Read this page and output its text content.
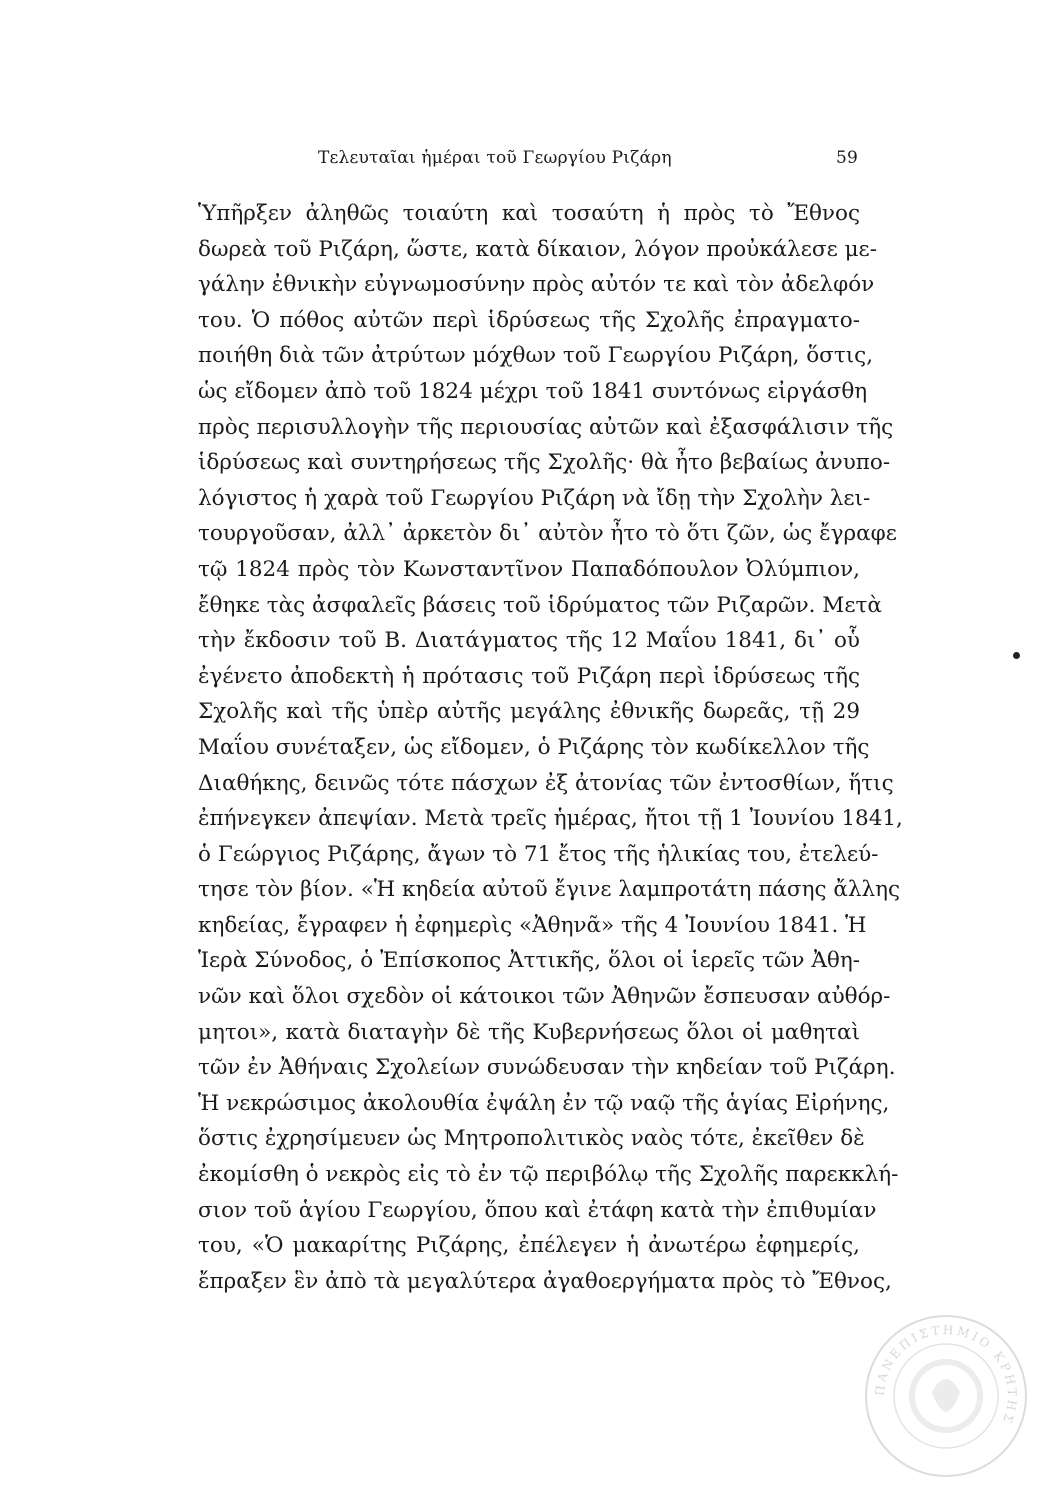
Τελευταῖαι ἡμέραι τοῦ Γεωργίου Ριζάρη	59
Ὑπῆρξεν ἀληθῶς τοιαύτη καὶ τοσαύτη ἡ πρὸς τὸ Ἔθνος
δωρεὰ τοῦ Ριζάρη, ὥστε, κατὰ δίκαιον, λόγον προὐκάλεσε με-
γάλην ἐθνικὴν εὐγνωμοσύνην πρὸς αὐτόν τε καὶ τὸν ἀδελφόν
του. Ὁ πόθος αὐτῶν περὶ ἱδρύσεως τῆς Σχολῆς ἐπραγματο-
ποιήθη διὰ τῶν ἀτρύτων μόχθων τοῦ Γεωργίου Ριζάρη, ὅστις,
ὡς εἴδομεν ἀπὸ τοῦ 1824 μέχρι τοῦ 1841 συντόνως εἰργάσθη
πρὸς περισυλλογὴν τῆς περιουσίας αὐτῶν καὶ ἐξασφάλισιν τῆς
ἱδρύσεως καὶ συντηρήσεως τῆς Σχολῆς· θὰ ἦτο βεβαίως ἀνυπο-
λόγιστος ἡ χαρὰ τοῦ Γεωργίου Ριζάρη νὰ ἴδῃ τὴν Σχολὴν λει-
τουργοῦσαν, ἀλλ᾽ ἀρκετὸν δι᾽ αὐτὸν ἦτο τὸ ὅτι ζῶν, ὡς ἔγραφε
τῷ 1824 πρὸς τὸν Κωνσταντῖνον Παπαδόπουλον Ὀλύμπιον,
ἔθηκε τὰς ἀσφαλεῖς βάσεις τοῦ ἱδρύματος τῶν Ριζαρῶν. Μετὰ
τὴν ἔκδοσιν τοῦ Β. Διατάγματος τῆς 12 Μαΐου 1841, δι᾽ οὗ
ἐγένετο ἀποδεκτὴ ἡ πρότασις τοῦ Ριζάρη περὶ ἱδρύσεως τῆς
Σχολῆς καὶ τῆς ὑπὲρ αὐτῆς μεγάλης ἐθνικῆς δωρεᾶς, τῇ 29
Μαΐου συνέταξεν, ὡς εἴδομεν, ὁ Ριζάρης τὸν κωδίκελλον τῆς
Διαθήκης, δεινῶς τότε πάσχων ἐξ ἀτονίας τῶν ἐντοσθίων, ἥτις
ἐπήνεγκεν ἀπεψίαν. Μετὰ τρεῖς ἡμέρας, ἤτοι τῇ 1 Ἰουνίου 1841,
ὁ Γεώργιος Ριζάρης, ἄγων τὸ 71 ἔτος τῆς ἡλικίας του, ἐτελεύ-
τησε τὸν βίον. «Ἡ κηδεία αὐτοῦ ἔγινε λαμπροτάτη πάσης ἄλλης
κηδείας, ἔγραφεν ἡ ἐφημερὶς «Ἀθηνᾶ» τῆς 4 Ἰουνίου 1841. Ἡ
Ἱερὰ Σύνοδος, ὁ Ἐπίσκοπος Ἀττικῆς, ὅλοι οἱ ἱερεῖς τῶν Ἀθη-
νῶν καὶ ὅλοι σχεδὸν οἱ κάτοικοι τῶν Ἀθηνῶν ἔσπευσαν αὐθόρ-
μητοι», κατὰ διαταγὴν δὲ τῆς Κυβερνήσεως ὅλοι οἱ μαθηταὶ
τῶν ἐν Ἀθήναις Σχολείων συνώδευσαν τὴν κηδείαν τοῦ Ριζάρη.
Ἡ νεκρώσιμος ἀκολουθία ἐψάλη ἐν τῷ ναῷ τῆς ἁγίας Εἰρήνης,
ὅστις ἐχρησίμευεν ὡς Μητροπολιτικὸς ναὸς τότε, ἐκεῖθεν δὲ
ἐκομίσθη ὁ νεκρὸς εἰς τὸ ἐν τῷ περιβόλῳ τῆς Σχολῆς παρεκκλή-
σιον τοῦ ἁγίου Γεωργίου, ὅπου καὶ ἐτάφη κατὰ τὴν ἐπιθυμίαν
του, «Ὁ μακαρίτης Ριζάρης, ἐπέλεγεν ἡ ἀνωτέρω ἐφημερίς,
ἔπραξεν ἓν ἀπὸ τὰ μεγαλύτερα ἀγαθοεργήματα πρὸς τὸ Ἔθνος,
ΠΑΝΕΠΙΣΤΗΜΙΟ ΚΡΗΤΗΣ
